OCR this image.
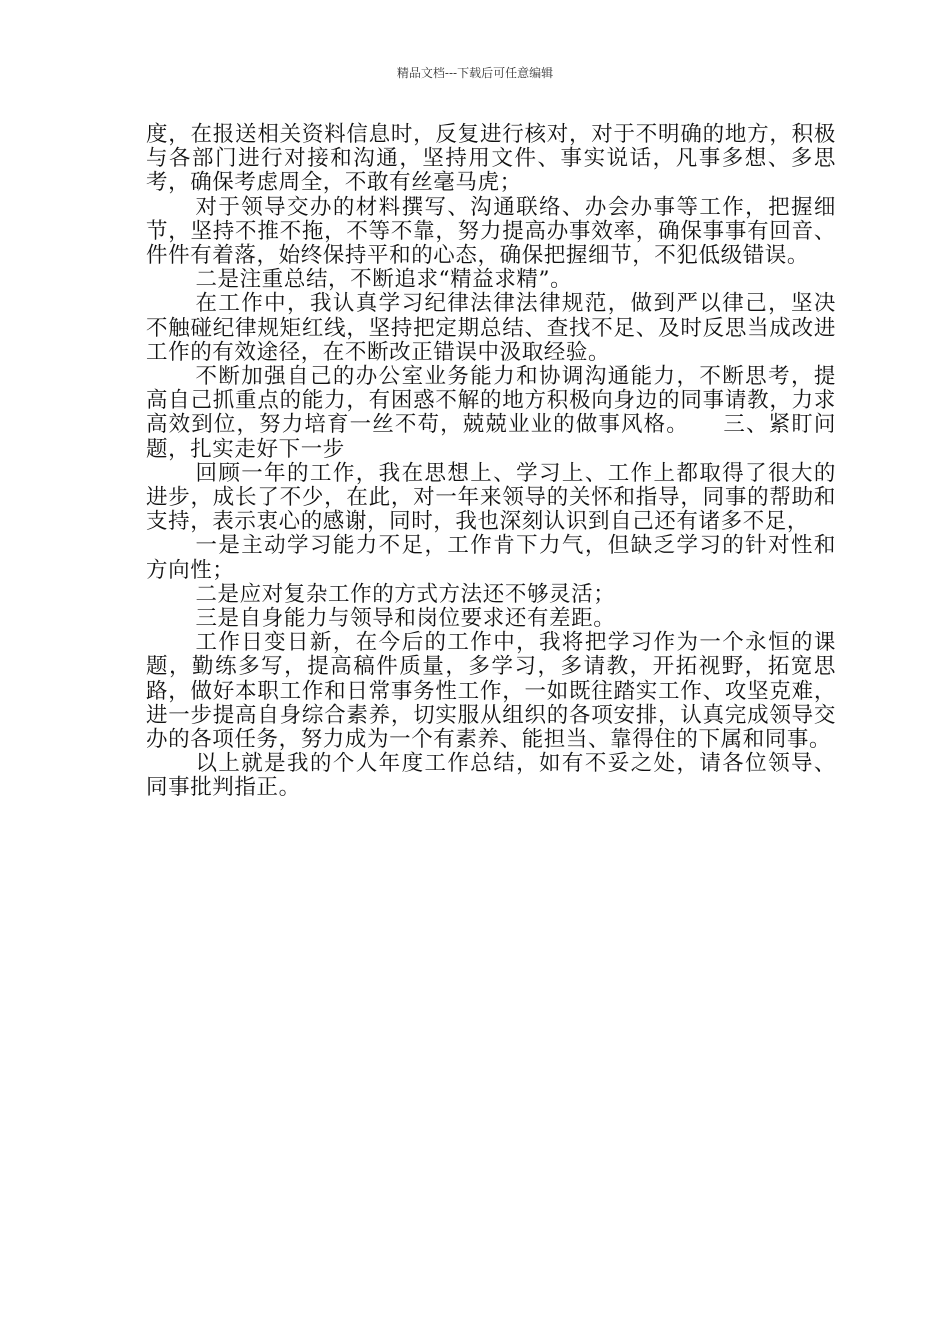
精品文档---下载后可任意编辑

度，在报送相关资料信息时，反复进行核对，对于不明确的地方，积极与各部门进行对接和沟通，坚持用文件、事实说话，凡事多想、多思考，确保考虑周全，不敢有丝毫马虎；

对于领导交办的材料撰写、沟通联络、办会办事等工作，把握细节，坚持不推不拖，不等不靠，努力提高办事效率，确保事事有回音、件件有着落，始终保持平和的心态，确保把握细节，不犯低级错误。

二是注重总结，不断追求“精益求精”。

在工作中，我认真学习纪律法律法律规范，做到严以律己，坚决不触碰纪律规矩红线，坚持把定期总结、查找不足、及时反思当成改进工作的有效途径，在不断改正错误中汲取经验。

不断加强自己的办公室业务能力和协调沟通能力，不断思考，提高自己抓重点的能力，有困惑不解的地方积极向身边的同事请教，力求高效到位，努力培育一丝不苟，兢兢业业的做事风格。　　三、紧盯问题，扎实走好下一步

回顾一年的工作，我在思想上、学习上、工作上都取得了很大的进步，成长了不少，在此，对一年来领导的关怀和指导，同事的帮助和支持，表示衷心的感谢，同时，我也深刻认识到自己还有诸多不足，

一是主动学习能力不足，工作肯下力气，但缺乏学习的针对性和方向性；

二是应对复杂工作的方式方法还不够灵活；

三是自身能力与领导和岗位要求还有差距。

工作日变日新，在今后的工作中，我将把学习作为一个永恒的课题，勤练多写，提高稿件质量，多学习，多请教，开拓视野，拓宽思路，做好本职工作和日常事务性工作，一如既往踏实工作、攻坚克难，进一步提高自身综合素养，切实服从组织的各项安排，认真完成领导交办的各项任务，努力成为一个有素养、能担当、靠得住的下属和同事。

以上就是我的个人年度工作总结，如有不妥之处，请各位领导、同事批判指正。
